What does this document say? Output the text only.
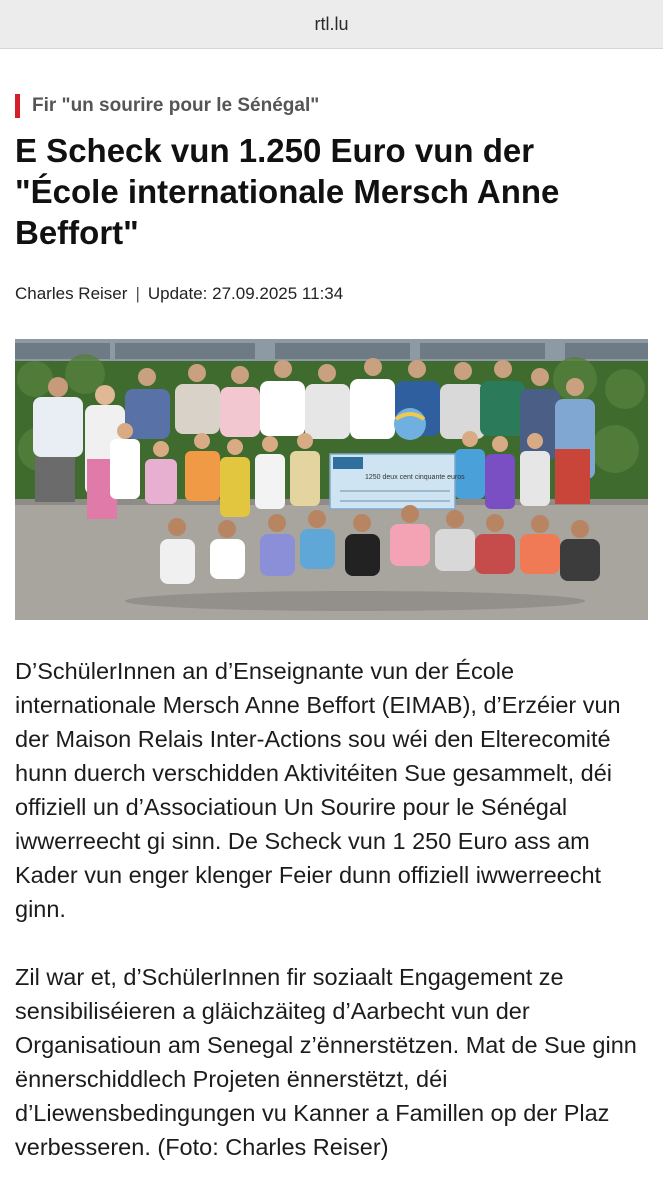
rtl.lu
Fir "un sourire pour le Sénégal"
E Scheck vun 1.250 Euro vun der "École internationale Mersch Anne Beffort"
Charles Reiser | Update: 27.09.2025 11:34
1250 deux cent cinquante euros

D’SchülerInnen an d’Enseignante vun der École internationale Mersch Anne Beffort (EIMAB), d’Erzéier vun der Maison Relais Inter-Actions sou wéi den Elterecomité hunn duerch verschidden Aktivitéiten Sue gesammelt, déi offiziell un d’Associatioun Un Sourire pour le Sénégal iwwerreecht gi sinn. De Scheck vun 1 250 Euro ass am Kader vun enger klenger Feier dunn offiziell iwwerreecht ginn.

Zil war et, d’SchülerInnen fir soziaalt Engagement ze sensibiliséieren a gläichzäiteg d’Aarbecht vun der Organisatioun am Senegal z’ënnerstëtzen. Mat de Sue ginn ënnerschiddlech Projeten ënnerstëtzt, déi d’Liewensbedingungen vu Kanner a Famillen op der Plaz verbesseren. (Foto: Charles Reiser)
